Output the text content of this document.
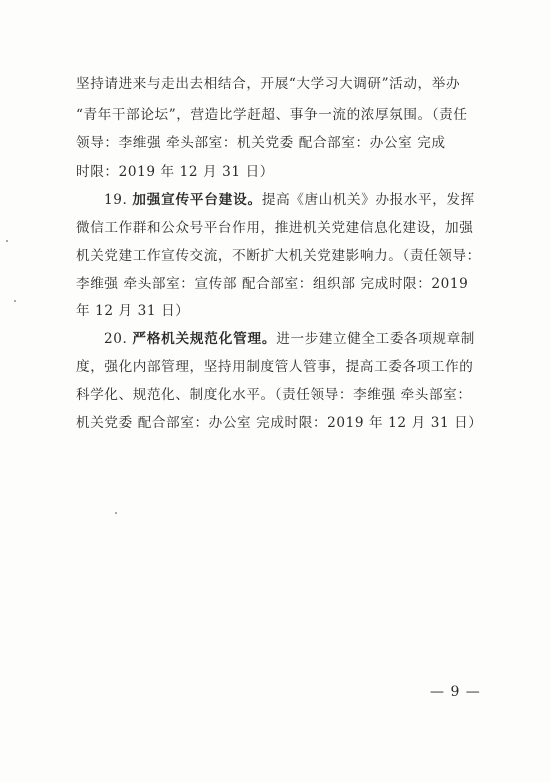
坚持请进来与走出去相结合，开展“大学习大调研”活动，举办
“青年干部论坛”，营造比学赶超、事争一流的浓厚氛围。（责任
领导：李维强 牵头部室：机关党委 配合部室：办公室 完成
时限：2019 年 12 月 31 日）
19. 加强宣传平台建设。提高《唐山机关》办报水平，发挥
微信工作群和公众号平台作用，推进机关党建信息化建设，加强
机关党建工作宣传交流，不断扩大机关党建影响力。（责任领导：
李维强 牵头部室：宣传部 配合部室：组织部 完成时限：2019
年 12 月 31 日）
20. 严格机关规范化管理。进一步建立健全工委各项规章制
度，强化内部管理，坚持用制度管人管事，提高工委各项工作的
科学化、规范化、制度化水平。（责任领导：李维强 牵头部室：
机关党委 配合部室：办公室 完成时限：2019 年 12 月 31 日）
— 9 —
